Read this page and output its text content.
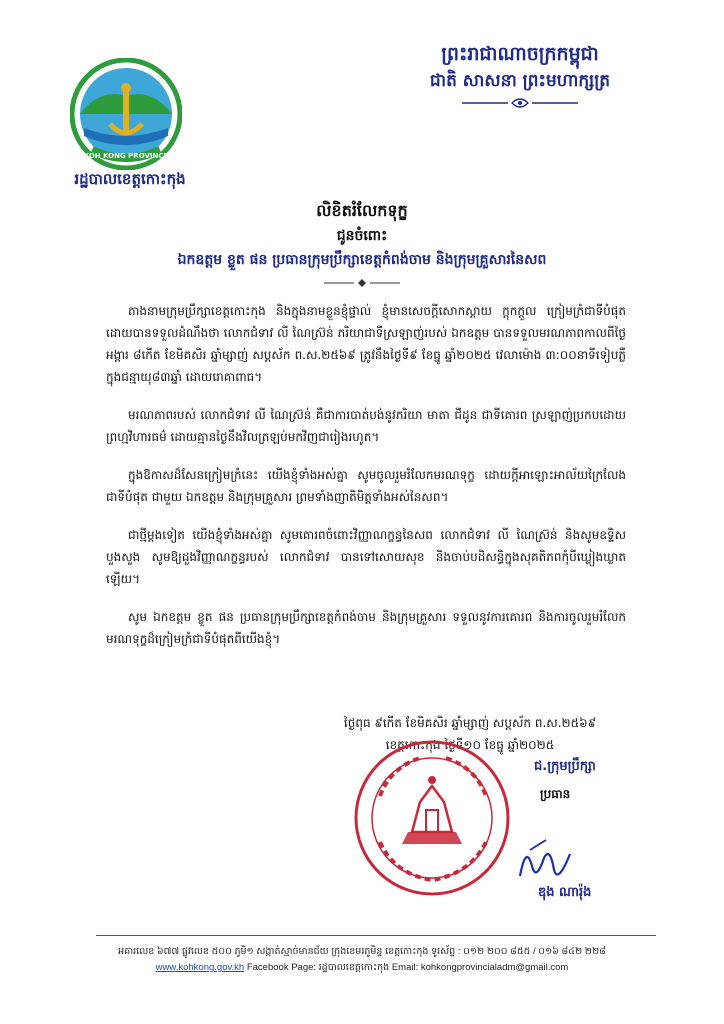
KOH KONG PROVINCE
រដ្ឋបាលខេត្តកោះកុង
ព្រះរាជាណាចក្រកម្ពុជា
ជាតិ សាសនា ព្រះមហាក្សត្រ
លិខិតរំលែកទុក្ខ
ជូនចំពោះ
ឯកឧត្តម ខ្លួត ផន ប្រធានក្រុមប្រឹក្សាខេត្តកំពង់ចាម និងក្រុមគ្រួសារនៃសព

តាងនាមក្រុមប្រឹក្សាខេត្តកោះកុង និងក្នុងនាមខ្លួនខ្ញុំផ្ទាល់ ខ្ញុំមានសេចក្ដីសោកស្ដាយ ក្ដុកក្ដួល ក្រៀមក្រំជាទីបំផុត ដោយបានទទួលដំណឹងថា លោកជំទាវ លី ណៃស្រ៊ន់ ភរិយាជាទីស្រឡាញ់របស់ ឯកឧត្តម បានទទួលមរណភាពកាលពីថ្ងៃអង្គារ ៨កើត ខែមិគសិរ ឆ្នាំម្សាញ់ សប្តស័ក ព.ស.២៥៦៩ ត្រូវនឹងថ្ងៃទី៩ ខែធ្នូ ឆ្នាំ២០២៥ វេលាម៉ោង ៣:០០នាទីទៀបភ្លឺ ក្នុងជន្មាយុ៨៣ឆ្នាំ ដោយរោគាពាធ។

មរណភាពរបស់ លោកជំទាវ លី ណៃស្រ៊ន់ គឺជាការបាត់បង់នូវភរិយា មាតា ជីដូន ជាទីគោរព ស្រឡាញ់ប្រកបដោយព្រហ្មវិហារធម៌ ដោយគ្មានថ្ងៃនឹងវិលត្រឡប់មកវិញជារៀងរហូត។

ក្នុងឱកាសដ៏សែនក្រៀមក្រំនេះ យើងខ្ញុំទាំងអស់គ្នា សូមចូលរួមរំលែកមរណទុក្ខ ដោយក្ដីអាឡោះអាល័យក្រៃលែងជាទីបំផុត ជាមួយ ឯកឧត្តម និងក្រុមគ្រួសារ ព្រមទាំងញាតិមិត្តទាំងអស់នៃសព។

ជាថ្មីម្តងទៀត យើងខ្ញុំទាំងអស់គ្នា សូមគោរពចំពោះវិញ្ញាណក្ខន្ធនៃសព លោកជំទាវ លី ណៃស្រ៊ន់ និងសូមឧទ្ទិសបួងសួង សូមឱ្យដួងវិញ្ញាណក្ខន្ធរបស់ លោកជំទាវ បានទៅសោយសុខ និងចាប់បដិសន្ធិក្នុងសុគតិភពកុំបីឃ្លៀងឃ្លាតឡើយ។

សូម ឯកឧត្តម ខ្លួត ផន ប្រធានក្រុមប្រឹក្សាខេត្តកំពង់ចាម និងក្រុមគ្រួសារ ទទួលនូវការគោរព និងការចូលរួមរំលែកមរណទុក្ខដ៏ក្រៀមក្រំជាទីបំផុតពីយើងខ្ញុំ។

ថ្ងៃពុធ ៩កើត ខែមិគសិរ ឆ្នាំម្សាញ់ សប្តស័ក ព.ស.២៥៦៩
ខេត្តកោះកុង ថ្ងៃទី១០ ខែធ្នូ ឆ្នាំ២០២៥
ជ.ក្រុមប្រឹក្សា
ប្រធាន
ឌុង ណារ៉ុង
អគារលេខ ៦៧៧ ផ្លូវលេខ ៥០០ ភូមិ១ សង្កាត់ស្មាច់មានជ័យ ក្រុងខេមរភូមិន្ទ ខេត្តកោះកុង ទូរស័ព្ទ : ០១២ ២០០ ៨៥៥ / ០១៦ ៨៤២ ២២៨
www.kohkong.gov.kh Facebook Page: រដ្ឋបាលខេត្តកោះកុង Email: kohkongprovincialadm@gmail.com
